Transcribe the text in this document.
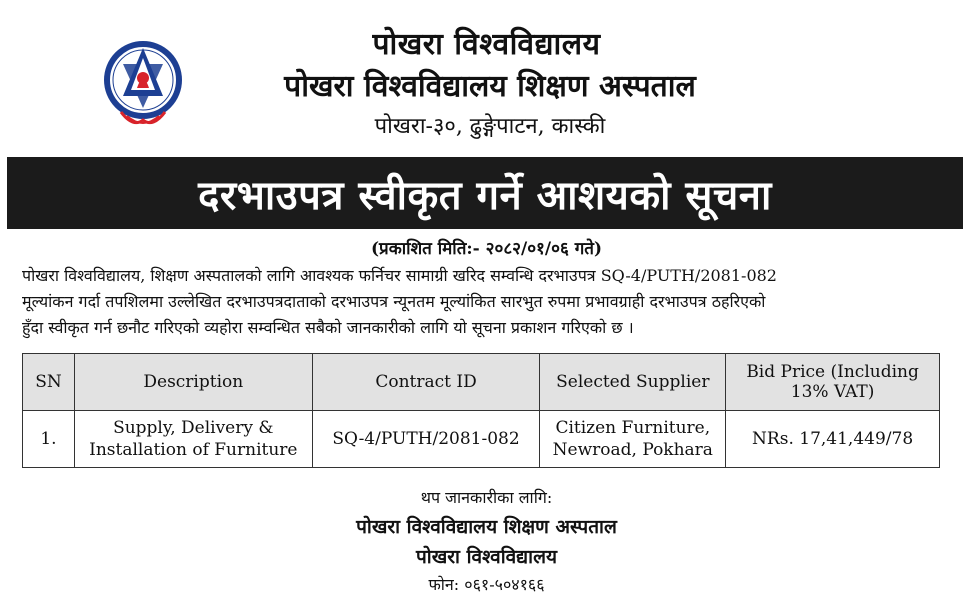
पोखरा विश्वविद्यालय
पोखरा विश्वविद्यालय शिक्षण अस्पताल
पोखरा-३०, ढुङ्गेपाटन, कास्की
दरभाउपत्र स्वीकृत गर्ने आशयको सूचना
(प्रकाशित मिति:- २०८२/०१/०६ गते)
पोखरा विश्वविद्यालय, शिक्षण अस्पतालको लागि आवश्यक फर्निचर सामाग्री खरिद सम्वन्धि दरभाउपत्र SQ-4/PUTH/2081-082
मूल्यांकन गर्दा तपशिलमा उल्लेखित दरभाउपत्रदाताको दरभाउपत्र न्यूनतम मूल्यांकित सारभुत रुपमा प्रभावग्राही दरभाउपत्र ठहरिएको
हुँदा स्वीकृत गर्न छनौट गरिएको व्यहोरा सम्वन्धित सबैको जानकारीको लागि यो सूचना प्रकाशन गरिएको छ ।
SN	Description	Contract ID	Selected Supplier	Bid Price (Including 13% VAT)
1.	Supply, Delivery & Installation of Furniture	SQ-4/PUTH/2081-082	Citizen Furniture, Newroad, Pokhara	NRs. 17,41,449/78
थप जानकारीका लागि:
पोखरा विश्वविद्यालय शिक्षण अस्पताल
पोखरा विश्वविद्यालय
फोन: ०६१-५०४१६६
